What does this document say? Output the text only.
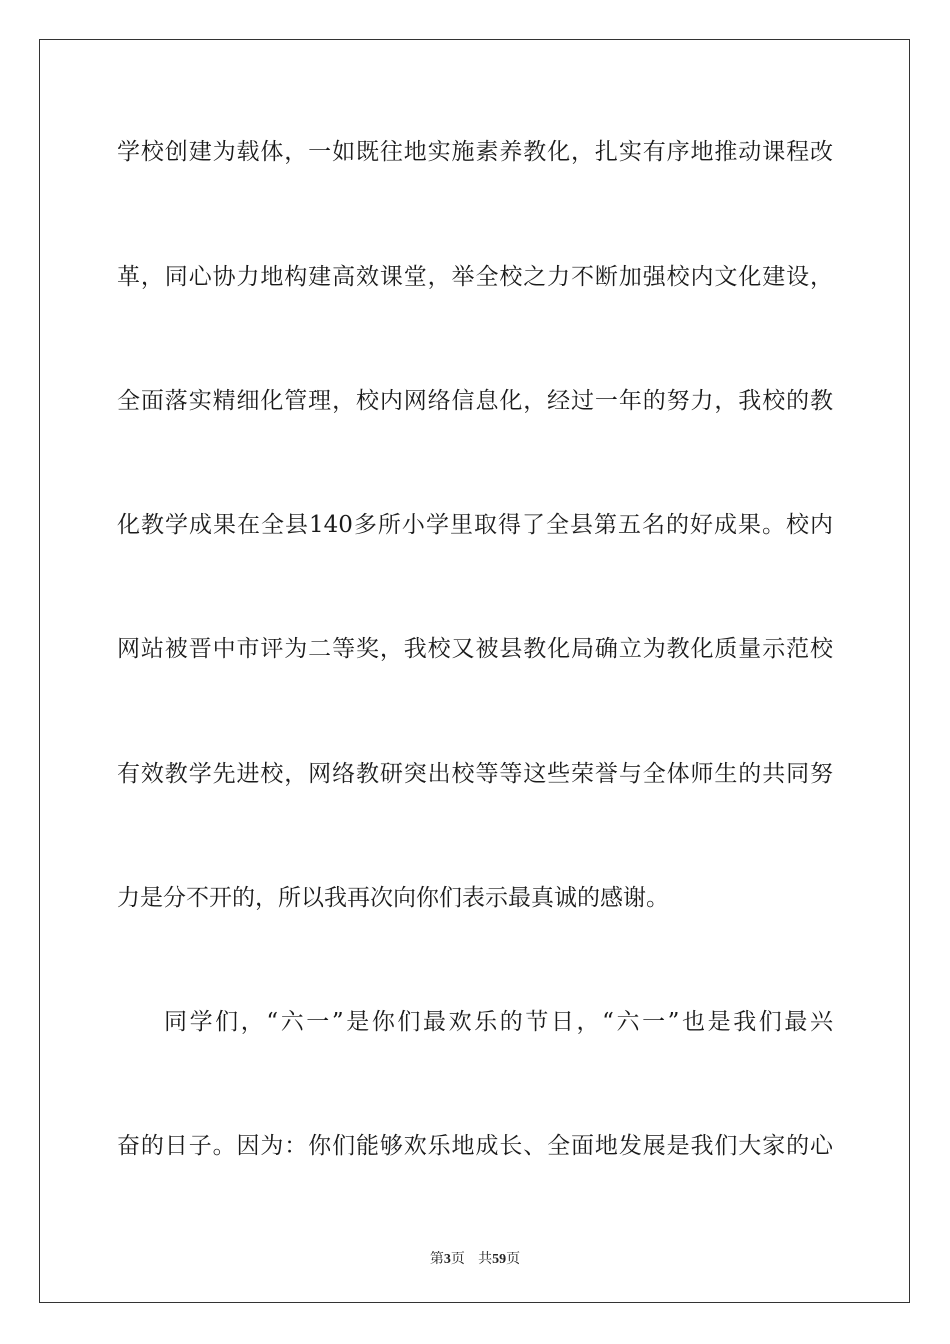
学校创建为载体，一如既往地实施素养教化，扎实有序地推动课程改
革，同心协力地构建高效课堂，举全校之力不断加强校内文化建设，
全面落实精细化管理，校内网络信息化，经过一年的努力，我校的教
化教学成果在全县140多所小学里取得了全县第五名的好成果。校内
网站被晋中市评为二等奖，我校又被县教化局确立为教化质量示范校
有效教学先进校，网络教研突出校等等这些荣誉与全体师生的共同努
力是分不开的，所以我再次向你们表示最真诚的感谢。
同学们，“六一”是你们最欢乐的节日，“六一”也是我们最兴
奋的日子。因为：你们能够欢乐地成长、全面地发展是我们大家的心
第3页 共59页
